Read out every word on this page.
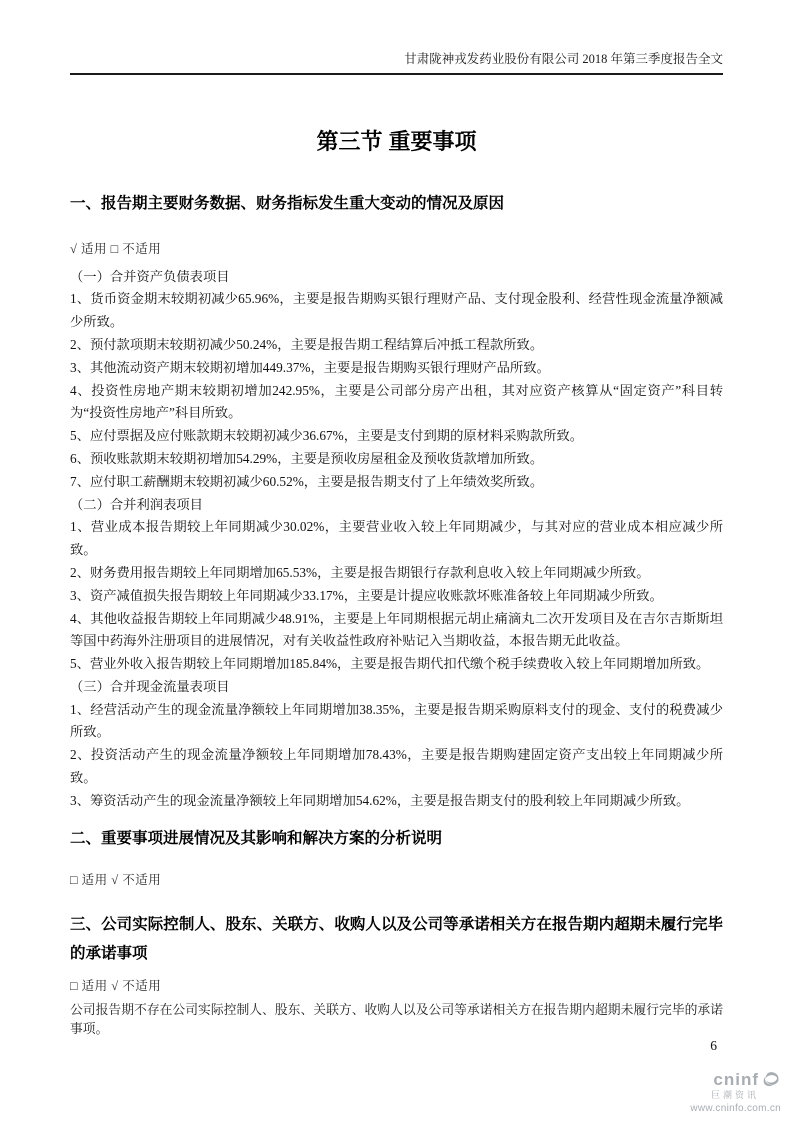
甘肃陇神戎发药业股份有限公司 2018 年第三季度报告全文
第三节 重要事项
一、报告期主要财务数据、财务指标发生重大变动的情况及原因
√ 适用 □ 不适用

（一）合并资产负债表项目

1、货币资金期末较期初减少65.96%，主要是报告期购买银行理财产品、支付现金股利、经营性现金流量净额减少所致。

2、预付款项期末较期初减少50.24%，主要是报告期工程结算后冲抵工程款所致。

3、其他流动资产期末较期初增加449.37%，主要是报告期购买银行理财产品所致。

4、投资性房地产期末较期初增加242.95%，主要是公司部分房产出租，其对应资产核算从“固定资产”科目转为“投资性房地产”科目所致。

5、应付票据及应付账款期末较期初减少36.67%，主要是支付到期的原材料采购款所致。

6、预收账款期末较期初增加54.29%，主要是预收房屋租金及预收货款增加所致。

7、应付职工薪酬期末较期初减少60.52%，主要是报告期支付了上年绩效奖所致。

（二）合并利润表项目

1、营业成本报告期较上年同期减少30.02%，主要营业收入较上年同期减少，与其对应的营业成本相应减少所致。

2、财务费用报告期较上年同期增加65.53%，主要是报告期银行存款利息收入较上年同期减少所致。

3、资产减值损失报告期较上年同期减少33.17%，主要是计提应收账款坏账准备较上年同期减少所致。

4、其他收益报告期较上年同期减少48.91%，主要是上年同期根据元胡止痛滴丸二次开发项目及在吉尔吉斯斯坦等国中药海外注册项目的进展情况，对有关收益性政府补贴记入当期收益，本报告期无此收益。

5、营业外收入报告期较上年同期增加185.84%，主要是报告期代扣代缴个税手续费收入较上年同期增加所致。

（三）合并现金流量表项目

1、经营活动产生的现金流量净额较上年同期增加38.35%，主要是报告期采购原料支付的现金、支付的税费减少所致。

2、投资活动产生的现金流量净额较上年同期增加78.43%，主要是报告期购建固定资产支出较上年同期减少所致。

3、筹资活动产生的现金流量净额较上年同期增加54.62%，主要是报告期支付的股利较上年同期减少所致。

二、重要事项进展情况及其影响和解决方案的分析说明
□ 适用 √ 不适用
三、公司实际控制人、股东、关联方、收购人以及公司等承诺相关方在报告期内超期未履行完毕的承诺事项
□ 适用 √ 不适用
公司报告期不存在公司实际控制人、股东、关联方、收购人以及公司等承诺相关方在报告期内超期未履行完毕的承诺事项。
6
cninf
巨潮资讯
www.cninfo.com.cn
